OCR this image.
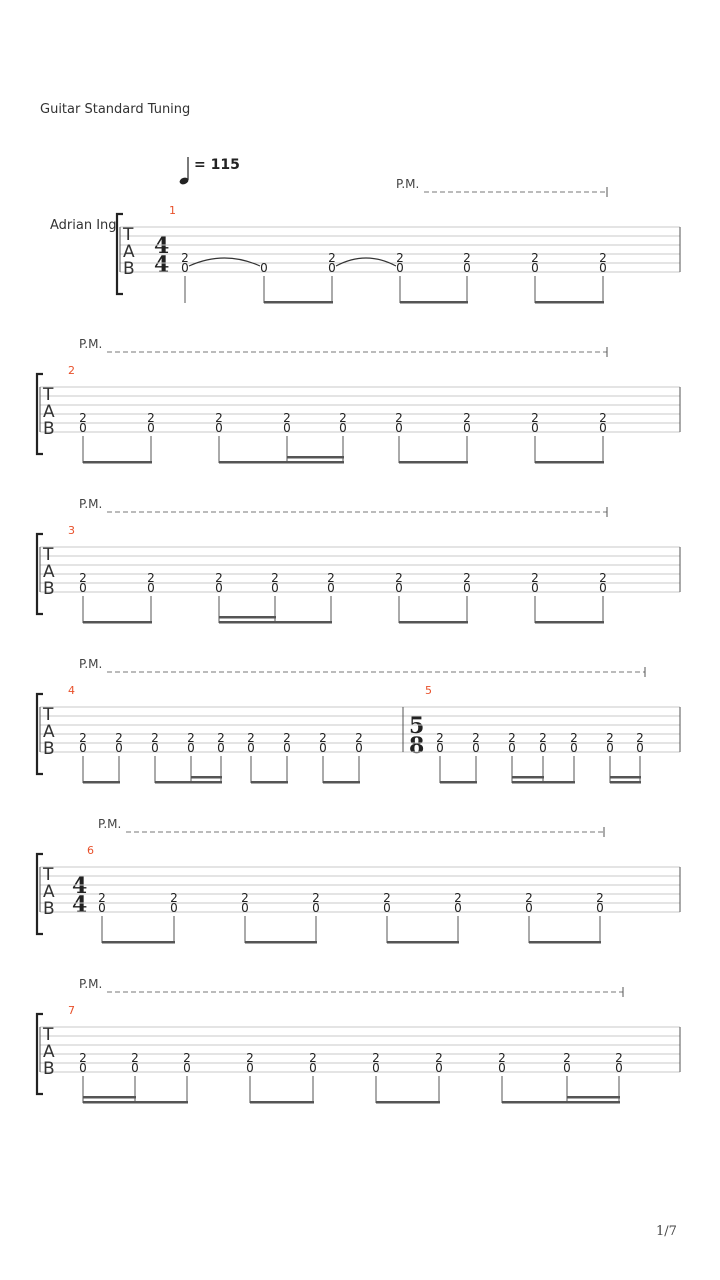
Guitar Standard Tuning
= 115
Adrian Ing
P.M.
P.M.
P.M.
P.M.
P.M.
P.M.
1
2
3
4	5
6
7
4
4
5
8
4
4
1/7
T
A
B
2
0	0
2
0
2
0
2
0
2
0
2
0
T
A
B
2
0
2
0
2
0
2
0
2
0
2
0
2
0
2
0
2
0
T
A
B
2
0
2
0
2
0
2
0
2
0
2
0
2
0
2
0
2
0
T
A
B
2
0
2
0
2
0
2
0
2
0
2
0
2
0
2
0
2
0
2
0
2
0
2
0
2
0
2
0
2
0
2
0
T
A
B
2
0
2
0
2
0
2
0
2
0
2
0
2
0
2
0
T
A
B
2
0
2
0
2
0
2
0
2
0
2
0
2
0
2
0
2
0
2
0
